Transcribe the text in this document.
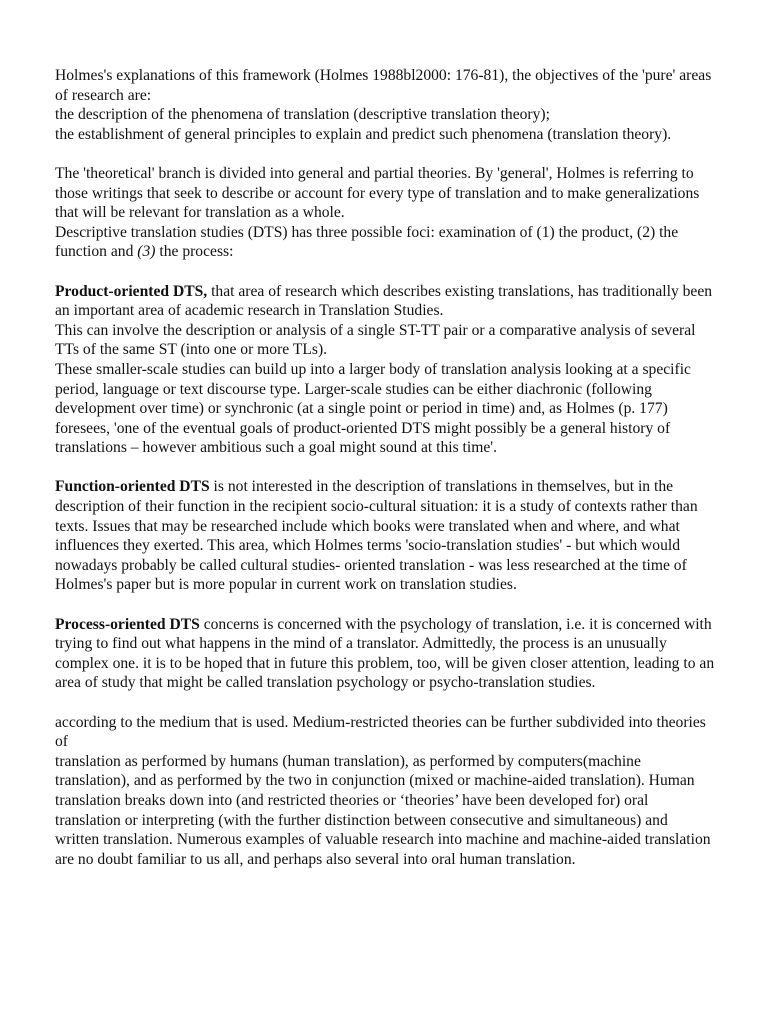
Holmes's explanations of this framework (Holmes 1988bl2000: 176-81), the objectives of the 'pure' areas of research are:

the description of the phenomena of translation (descriptive translation theory);

the establishment of general principles to explain and predict such phenomena (translation theory).

The 'theoretical' branch is divided into general and partial theories. By 'general', Holmes is referring to those writings that seek to describe or account for every type of translation and to make generalizations that will be relevant for translation as a whole.

Descriptive translation studies (DTS) has three possible foci: examination of (1) the product, (2) the function and (3) the process:

Product-oriented DTS, that area of research which describes existing translations, has traditionally been an important area of academic research in Translation Studies.

This can involve the description or analysis of a single ST-TT pair or a comparative analysis of several TTs of the same ST (into one or more TLs).

These smaller-scale studies can build up into a larger body of translation analysis looking at a specific period, language or text discourse type. Larger-scale studies can be either diachronic (following development over time) or synchronic (at a single point or period in time) and, as Holmes (p. 177) foresees, 'one of the eventual goals of product-oriented DTS might possibly be a general history of translations – however ambitious such a goal might sound at this time'.

Function-oriented DTS is not interested in the description of translations in themselves, but in the description of their function in the recipient socio-cultural situation: it is a study of contexts rather than texts. Issues that may be researched include which books were translated when and where, and what influences they exerted. This area, which Holmes terms 'socio-translation studies' - but which would nowadays probably be called cultural studies- oriented translation - was less researched at the time of Holmes's paper but is more popular in current work on translation studies.

Process-oriented DTS concerns is concerned with the psychology of translation, i.e. it is concerned with trying to find out what happens in the mind of a translator. Admittedly, the process is an unusually complex one. it is to be hoped that in future this problem, too, will be given closer attention, leading to an area of study that might be called translation psychology or psycho-translation studies.

according to the medium that is used. Medium-restricted theories can be further subdivided into theories of

translation as performed by humans (human translation), as performed by computers(machine translation), and as performed by the two in conjunction (mixed or machine-aided translation). Human translation breaks down into (and restricted theories or ‘theories’ have been developed for) oral translation or interpreting (with the further distinction between consecutive and simultaneous) and written translation. Numerous examples of valuable research into machine and machine-aided translation are no doubt familiar to us all, and perhaps also several into oral human translation.
